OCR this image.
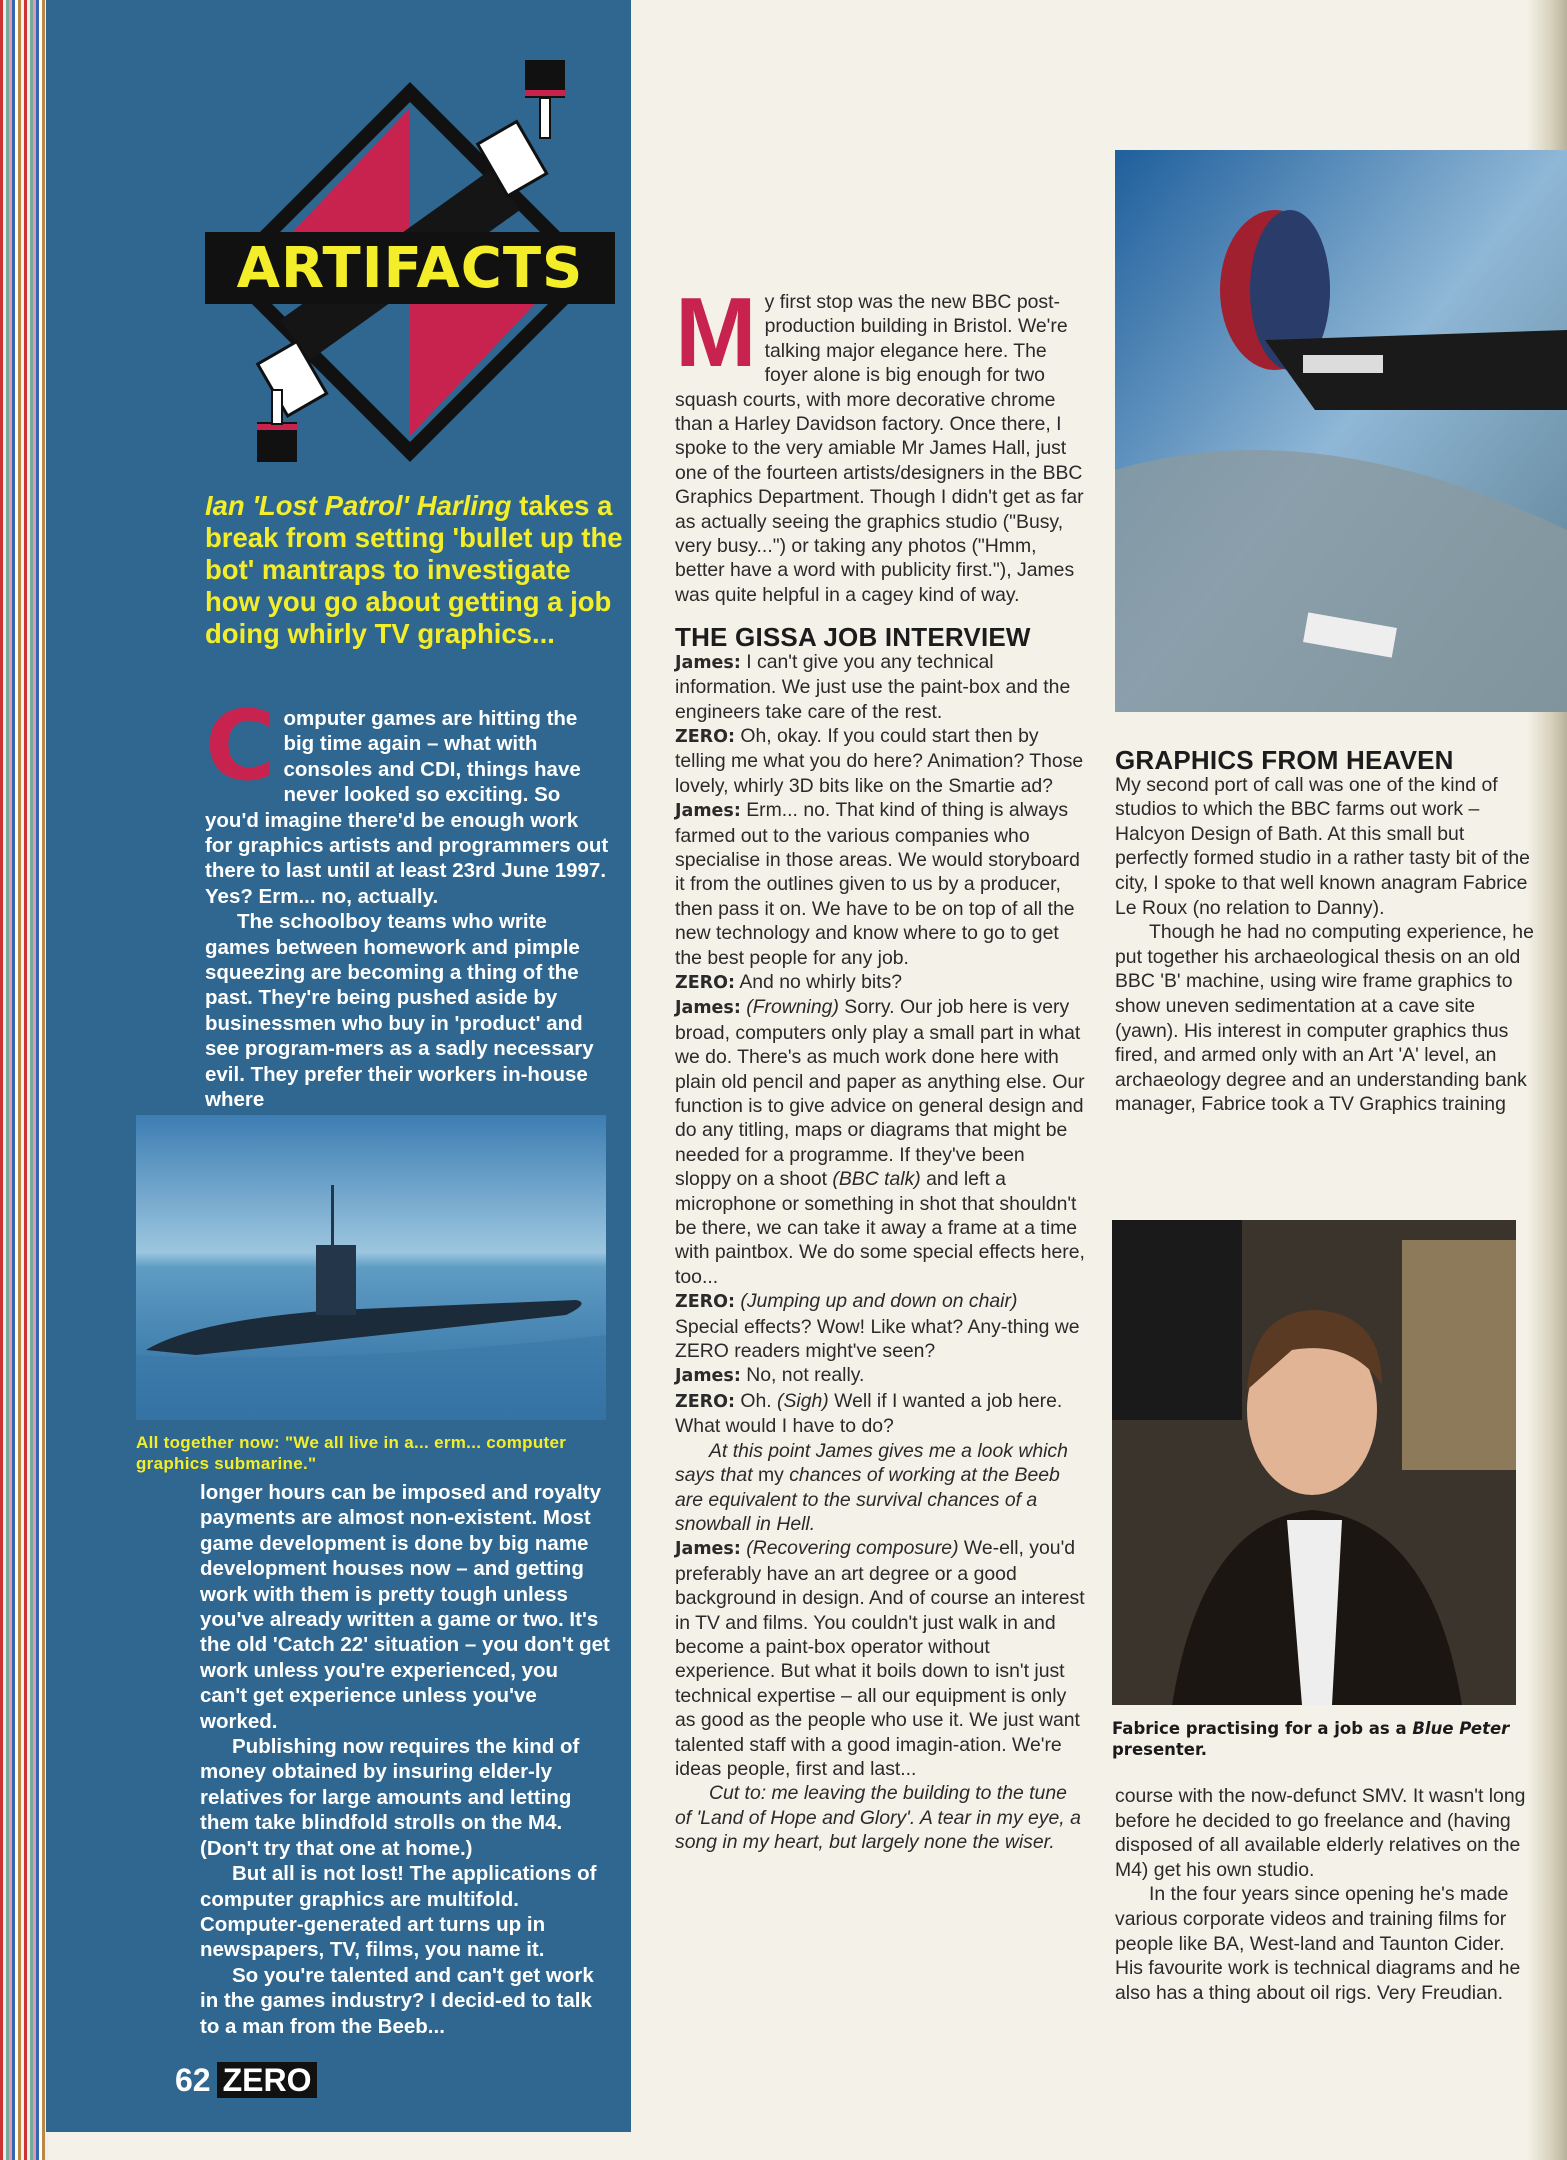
ARTIFACTS
Ian 'Lost Patrol' Harling takes a break from setting 'bullet up the bot' mantraps to investigate how you go about getting a job doing whirly TV graphics...

Computer games are hitting the big time again – what with consoles and CDI, things have never looked so exciting. So you'd imagine there'd be enough work for graphics artists and programmers out there to last until at least 23rd June 1997. Yes? Erm... no, actually.

The schoolboy teams who write games between homework and pimple squeezing are becoming a thing of the past. They're being pushed aside by businessmen who buy in 'product' and see program-mers as a sadly necessary evil. They prefer their workers in-house where

All together now: "We all live in a... erm... computer graphics submarine."

longer hours can be imposed and royalty payments are almost non-existent. Most game development is done by big name development houses now – and getting work with them is pretty tough unless you've already written a game or two. It's the old 'Catch 22' situation – you don't get work unless you're experienced, you can't get experience unless you've worked.

Publishing now requires the kind of money obtained by insuring elder-ly relatives for large amounts and letting them take blindfold strolls on the M4. (Don't try that one at home.)

But all is not lost! The applications of computer graphics are multifold. Computer-generated art turns up in newspapers, TV, films, you name it.

So you're talented and can't get work in the games industry? I decid-ed to talk to a man from the Beeb...

62 ZERO

My first stop was the new BBC post-production building in Bristol. We're talking major elegance here. The foyer alone is big enough for two squash courts, with more decorative chrome than a Harley Davidson factory. Once there, I spoke to the very amiable Mr James Hall, just one of the fourteen artists/designers in the BBC Graphics Department. Though I didn't get as far as actually seeing the graphics studio ("Busy, very busy...") or taking any photos ("Hmm, better have a word with publicity first."), James was quite helpful in a cagey kind of way.

THE GISSA JOB INTERVIEW

James: I can't give you any technical information. We just use the paint-box and the engineers take care of the rest.

ZERO: Oh, okay. If you could start then by telling me what you do here? Animation? Those lovely, whirly 3D bits like on the Smartie ad?

James: Erm... no. That kind of thing is always farmed out to the various companies who specialise in those areas. We would storyboard it from the outlines given to us by a producer, then pass it on. We have to be on top of all the new technology and know where to go to get the best people for any job.

ZERO: And no whirly bits?

James: (Frowning) Sorry. Our job here is very broad, computers only play a small part in what we do. There's as much work done here with plain old pencil and paper as anything else. Our function is to give advice on general design and do any titling, maps or diagrams that might be needed for a programme. If they've been sloppy on a shoot (BBC talk) and left a microphone or something in shot that shouldn't be there, we can take it away a frame at a time with paintbox. We do some special effects here, too...

ZERO: (Jumping up and down on chair) Special effects? Wow! Like what? Any-thing we ZERO readers might've seen?

James: No, not really.

ZERO: Oh. (Sigh) Well if I wanted a job here. What would I have to do?

At this point James gives me a look which says that my chances of working at the Beeb are equivalent to the survival chances of a snowball in Hell.

James: (Recovering composure) We-ell, you'd preferably have an art degree or a good background in design. And of course an interest in TV and films. You couldn't just walk in and become a paint-box operator without experience. But what it boils down to isn't just technical expertise – all our equipment is only as good as the people who use it. We just want talented staff with a good imagin-ation. We're ideas people, first and last...

Cut to: me leaving the building to the tune of 'Land of Hope and Glory'. A tear in my eye, a song in my heart, but largely none the wiser.

GRAPHICS FROM HEAVEN

My second port of call was one of the kind of studios to which the BBC farms out work – Halcyon Design of Bath. At this small but perfectly formed studio in a rather tasty bit of the city, I spoke to that well known anagram Fabrice Le Roux (no relation to Danny).

Though he had no computing experience, he put together his archaeological thesis on an old BBC 'B' machine, using wire frame graphics to show uneven sedimentation at a cave site (yawn). His interest in computer graphics thus fired, and armed only with an Art 'A' level, an archaeology degree and an understanding bank manager, Fabrice took a TV Graphics training

Fabrice practising for a job as a Blue Peter presenter.

course with the now-defunct SMV. It wasn't long before he decided to go freelance and (having disposed of all available elderly relatives on the M4) get his own studio.

In the four years since opening he's made various corporate videos and training films for people like BA, West-land and Taunton Cider. His favourite work is technical diagrams and he also has a thing about oil rigs. Very Freudian.
